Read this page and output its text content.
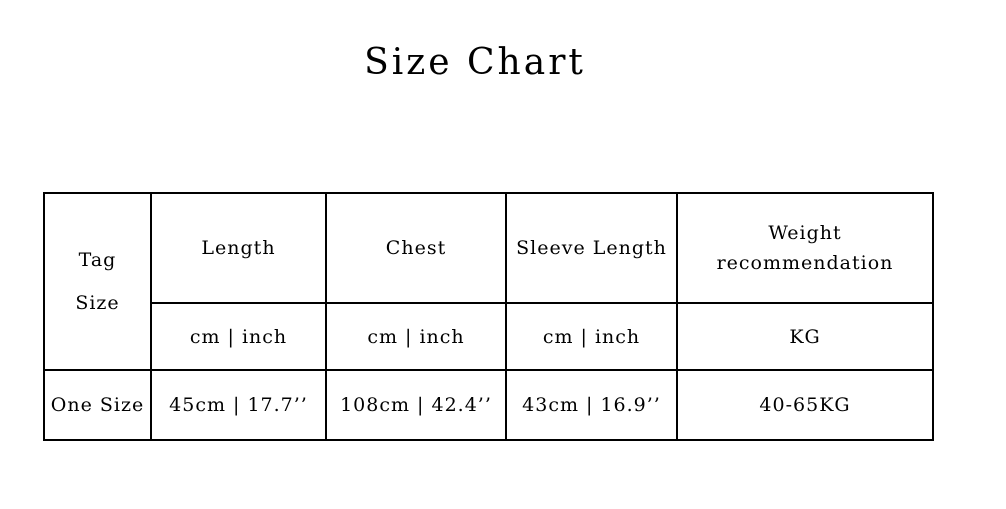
Size Chart
Tag
Size	Length	Chest	Sleeve Length	Weight recommendation
	cm | inch	cm | inch	cm | inch	KG
One Size	45cm | 17.7’’	108cm | 42.4’’	43cm | 16.9’’	40-65KG
